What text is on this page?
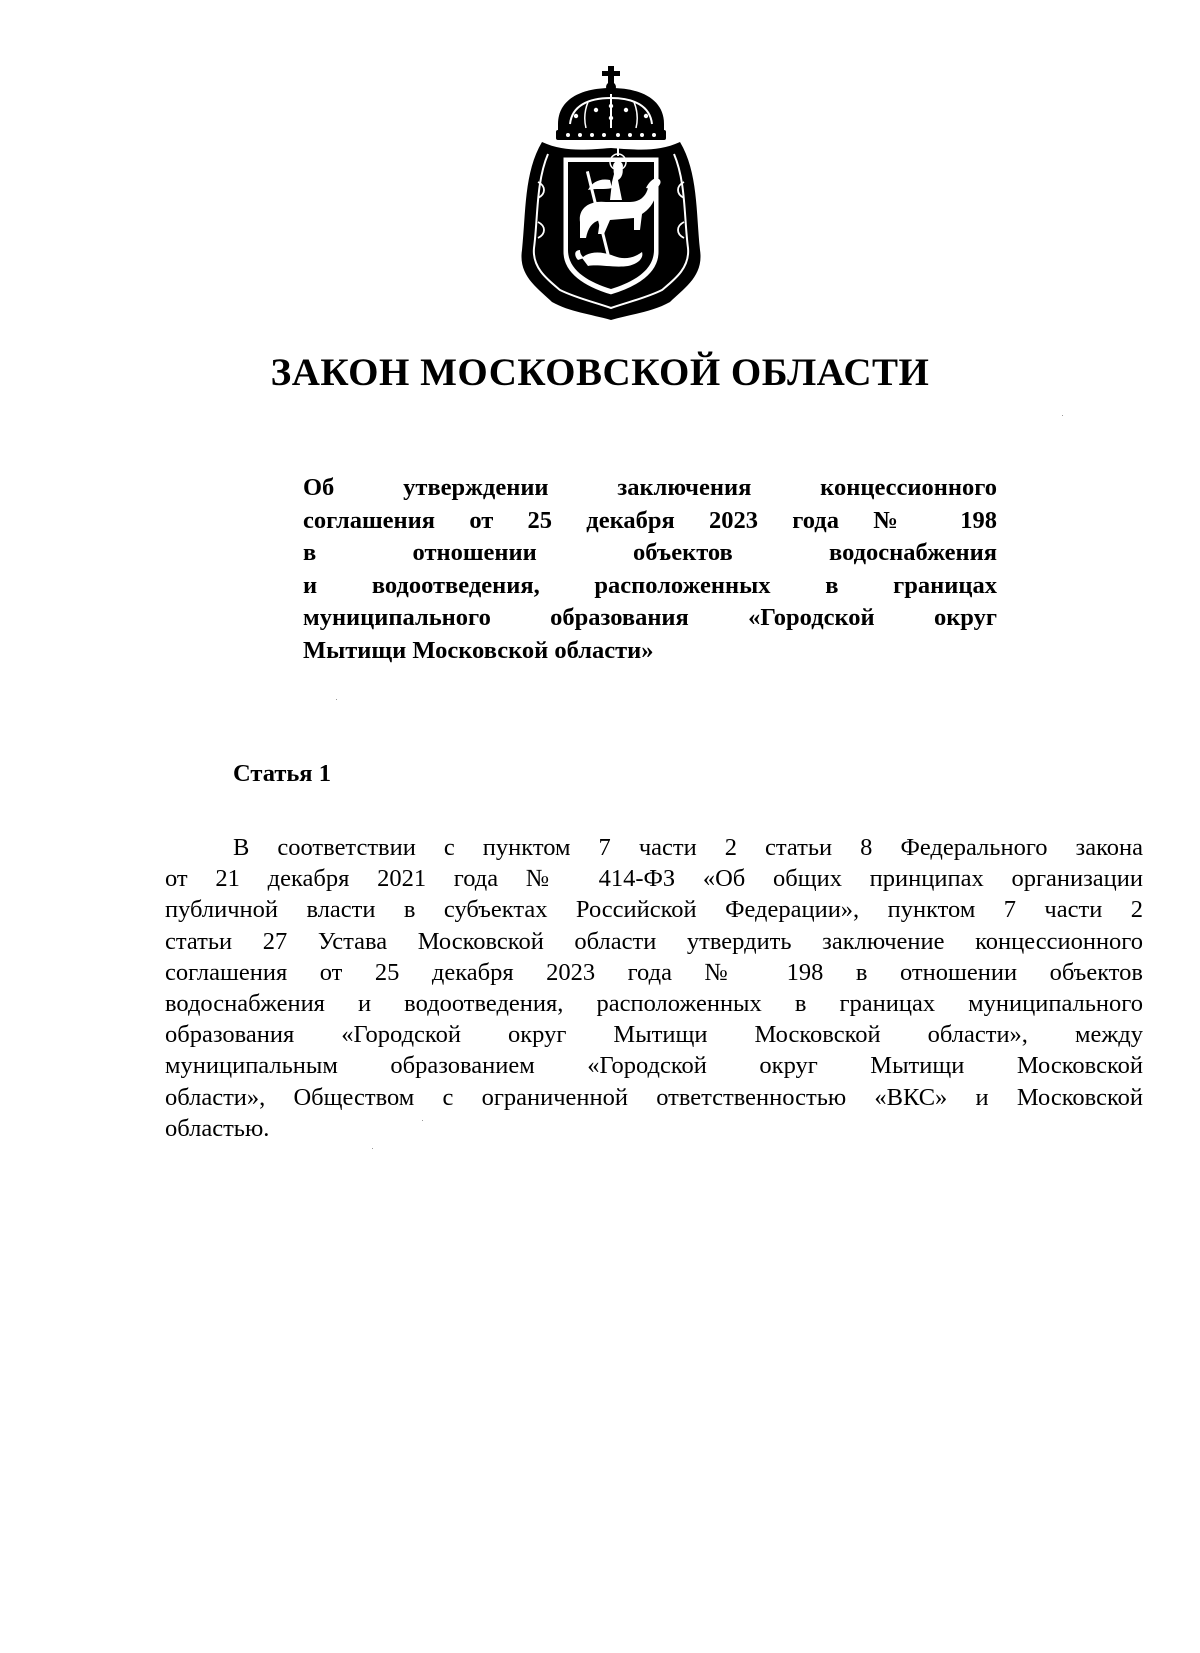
ЗАКОН МОСКОВСКОЙ ОБЛАСТИ
Об утверждении заключения концессионного
соглашения от 25 декабря 2023 года № 198
в отношении объектов водоснабжения
и водоотведения, расположенных в границах
муниципального образования «Городской округ
Мытищи Московской области»
Статья 1
В соответствии с пунктом 7 части 2 статьи 8 Федерального закона
от 21 декабря 2021 года № 414-ФЗ «Об общих принципах организации
публичной власти в субъектах Российской Федерации», пунктом 7 части 2
статьи 27 Устава Московской области утвердить заключение концессионного
соглашения от 25 декабря 2023 года № 198 в отношении объектов
водоснабжения и водоотведения, расположенных в границах муниципального
образования «Городской округ Мытищи Московской области», между
муниципальным образованием «Городской округ Мытищи Московской
области», Обществом с ограниченной ответственностью «ВКС» и Московской
областью.
